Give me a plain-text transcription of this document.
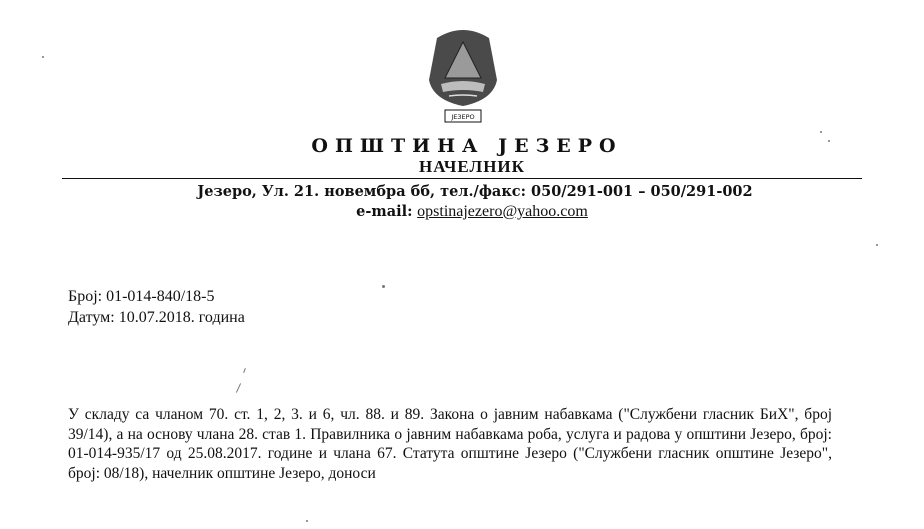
ЈЕЗЕРО
ОПШТИНА ЈЕЗЕРО
НАЧЕЛНИК
Језеро, Ул. 21. новембра бб, тел./факс: 050/291-001 – 050/291-002
e-mail: opstinajezero@yahoo.com
Број: 01-014-840/18-5
Датум: 10.07.2018. година
У складу са чланом 70. ст. 1, 2, 3. и 6, чл. 88. и 89. Закона о јавним набавкама ("Службени гласник БиХ", број 39/14), а на основу члана 28. став 1. Правилника о јавним набавкама роба, услуга и радова у општини Језеро, број: 01-014-935/17 од 25.08.2017. године и члана 67. Статута општине Језеро ("Службени гласник општине Језеро", број: 08/18), начелник општине Језеро, доноси
